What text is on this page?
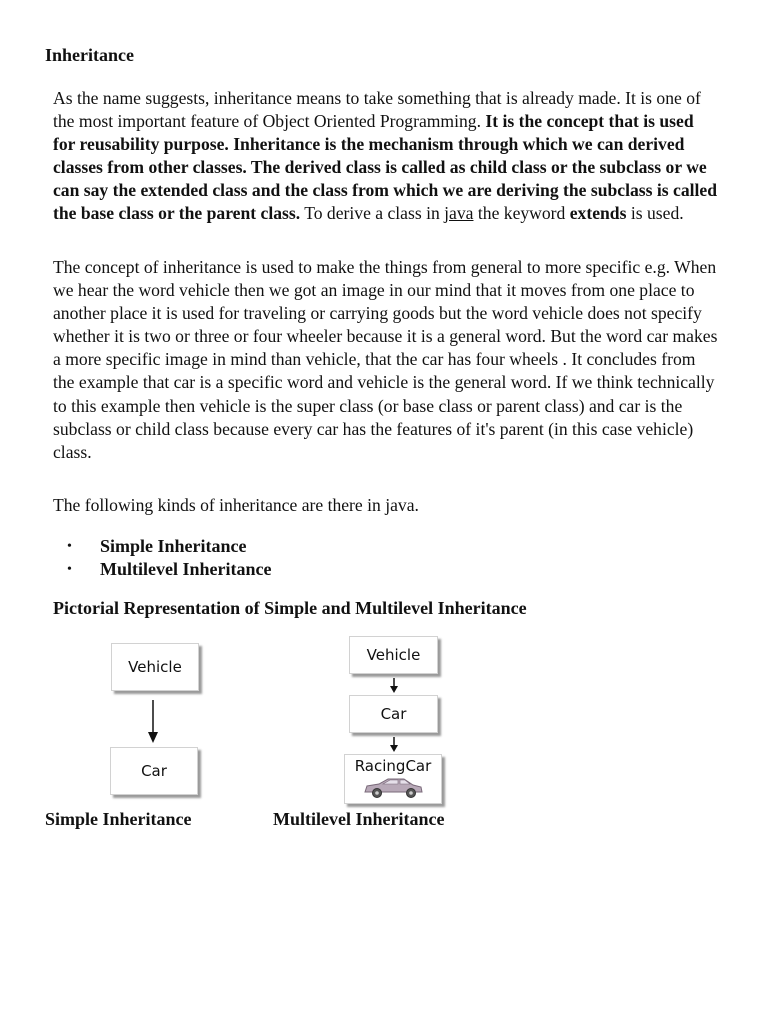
Inheritance

As the name suggests, inheritance means to take something that is already made. It is one of the most important feature of Object Oriented Programming. It is the concept that is used for reusability purpose. Inheritance is the mechanism through which we can derived classes from other classes. The derived class is called as child class or the subclass or we can say the extended class and the class from which we are deriving the subclass is called the base class or the parent class. To derive a class in java the keyword extends is used.

The concept of inheritance is used to make the things from general to more specific e.g. When we hear the word vehicle then we got an image in our mind that it moves from one place to another place it is used for traveling or carrying goods but the word vehicle does not specify whether it is two or three or four wheeler because it is a general word. But the word car makes a more specific image in mind than vehicle, that the car has four wheels . It concludes from the example that car is a specific word and vehicle is the general word. If we think technically to this example then vehicle is the super class (or base class or parent class) and car is the subclass or child class because every car has the features of it's parent (in this case vehicle) class.

The following kinds of inheritance are there in java.

• Simple Inheritance
• Multilevel Inheritance
Pictorial Representation of Simple and Multilevel Inheritance
Vehicle
Car

Simple Inheritance

Vehicle
Car
RacingCar

Multilevel Inheritance
